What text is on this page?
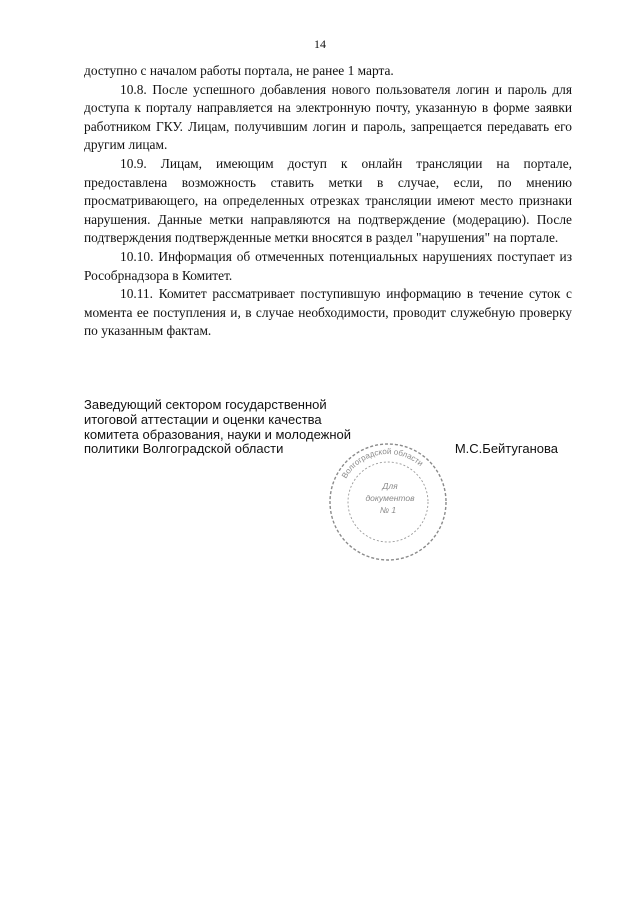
14

доступно с началом работы портала, не ранее 1 марта.

10.8. После успешного добавления нового пользователя логин и пароль для доступа к порталу направляется на электронную почту, указанную в форме заявки работником ГКУ. Лицам, получившим логин и пароль, запрещается передавать его другим лицам.

10.9. Лицам, имеющим доступ к онлайн трансляции на портале, предоставлена возможность ставить метки в случае, если, по мнению просматривающего, на определенных отрезках трансляции имеют место признаки нарушения. Данные метки направляются на подтверждение (модерацию). После подтверждения подтвержденные метки вносятся в раздел "нарушения" на портале.

10.10. Информация об отмеченных потенциальных нарушениях поступает из Рособрнадзора в Комитет.

10.11. Комитет рассматривает поступившую информацию в течение суток с момента ее поступления и, в случае необходимости, проводит служебную проверку по указанным фактам.

Заведующий сектором государственной
итоговой аттестации и оценки качества
комитета образования, науки и молодежной
политики Волгоградской области	М.С.Бейтуганова
Волгоградской области
Для
документов
№ 1
